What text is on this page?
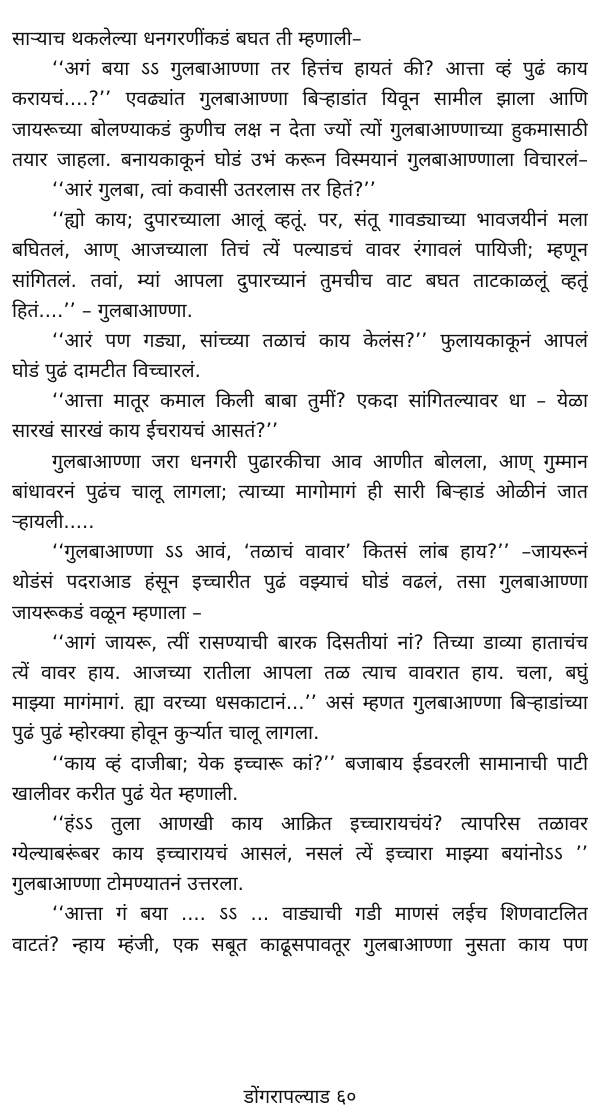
साऱ्याच थकलेल्या धनगरणींकडं बघत ती म्हणाली–
‘‘अगं बया ऽऽ गुलबाआण्णा तर हित्तंच हायतं की? आत्ता व्हं पुढं काय
करायचं....?’’ एवढ्यांत गुलबाआण्णा बिऱ्हाडांत यिवून सामील झाला आणि
जायरूच्या बोलण्याकडं कुणीच लक्ष न देता ज्यों त्यों गुलबाआण्णाच्या हुकमासाठी
तयार जाहला. बनायकाकूनं घोडं उभं करून विस्मयानं गुलबाआण्णाला विचारलं–
‘‘आरं गुलबा, त्वां कवासी उतरलास तर हितं?’’
‘‘ह्यो काय; दुपारच्याला आलूं व्हतूं. पर, संतू गावड्याच्या भावजयीनं मला
बघितलं, आण् आजच्याला तिचं त्यें पल्याडचं वावर रंगावलं पायिजी; म्हणून
सांगितलं. तवां, म्यां आपला दुपारच्यानं तुमचीच वाट बघत ताटकाळलूं व्हतूं
हितं....’’ – गुलबाआण्णा.
‘‘आरं पण गड्या, सांच्च्या तळाचं काय केलंस?’’ फुलायकाकूनं आपलं
घोडं पुढं दामटीत विच्चारलं.
‘‘आत्ता मातूर कमाल किली बाबा तुमीं? एकदा सांगितल्यावर धा – येळा
सारखं सारखं काय ईचरायचं आसतं?’’
गुलबाआण्णा जरा धनगरी पुढारकीचा आव आणीत बोलला, आण् गुम्मान
बांधावरनं पुढंच चालू लागला; त्याच्या मागोमागं ही सारी बिऱ्हाडं ओळीनं जात
ऱ्हायली.....
‘‘गुलबाआण्णा ऽऽ आवं, ‘तळाचं वावार’ कितसं लांब हाय?’’ –जायरूनं
थोडंसं पदराआड हंसून इच्चारीत पुढं वझ्याचं घोडं वढलं, तसा गुलबाआण्णा
जायरूकडं वळून म्हणाला –
‘‘आगं जायरू, त्यीं रासण्याची बारक दिसतीयां नां? तिच्या डाव्या हाताचंच
त्यें वावर हाय. आजच्या रातीला आपला तळ त्याच वावरात हाय. चला, बघुं
माझ्या मागंमागं. ह्या वरच्या धसकाटानं...’’ असं म्हणत गुलबाआण्णा बिऱ्हाडांच्या
पुढं पुढं म्होरक्या होवून कुर्ऱ्यात चालू लागला.
‘‘काय व्हं दाजीबा; येक इच्चारू कां?’’ बजाबाय ईडवरली सामानाची पाटी
खालीवर करीत पुढं येत म्हणाली.
‘‘हंऽऽ तुला आणखी काय आक्रित इच्चारायचंयं? त्यापरिस तळावर
ग्येल्याबरूंबर काय इच्चारायचं आसलं, नसलं त्यें इच्चारा माझ्या बयांनोऽऽ ’’
गुलबाआण्णा टोमण्यातनं उत्तरला.
‘‘आत्ता गं बया .... ऽऽ ... वाड्याची गडी माणसं लईच शिणवाटलित
वाटतं? न्हाय म्हंजी, एक सबूत काढूसपावतूर गुलबाआण्णा नुसता काय पण
डोंगरापल्याड ६०
